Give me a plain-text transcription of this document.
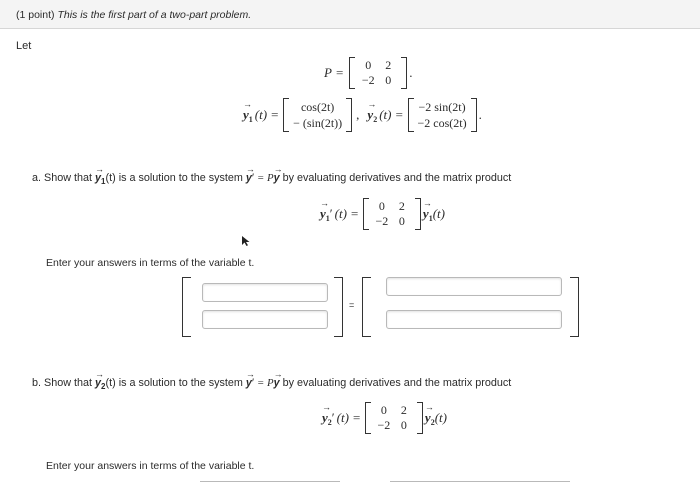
(1 point) This is the first part of a two-part problem.
Let
P =	0	2
−2 0	.
→ $y_1$ (t) =	cos(2t)
− (sin(2t))
, → $y_2$ (t) = −2 sin(2t)
−2 cos(2t)
.
a. Show that → $y_1(t)$ is a solution to the system → y′ = P→ y by evaluating derivatives and the matrix product
→ $y_1$ ′ (t) =	0	2
−2 0
→ $y_1$ (t)
Enter your answers in terms of the variable t.
=
b. Show that → $y_2(t)$ is a solution to the system → y′ = P→ y by evaluating derivatives and the matrix product
→ $y_2$ ′ (t) =	0	2
−2 0
→ $y_2$ (t)
Enter your answers in terms of the variable t.
